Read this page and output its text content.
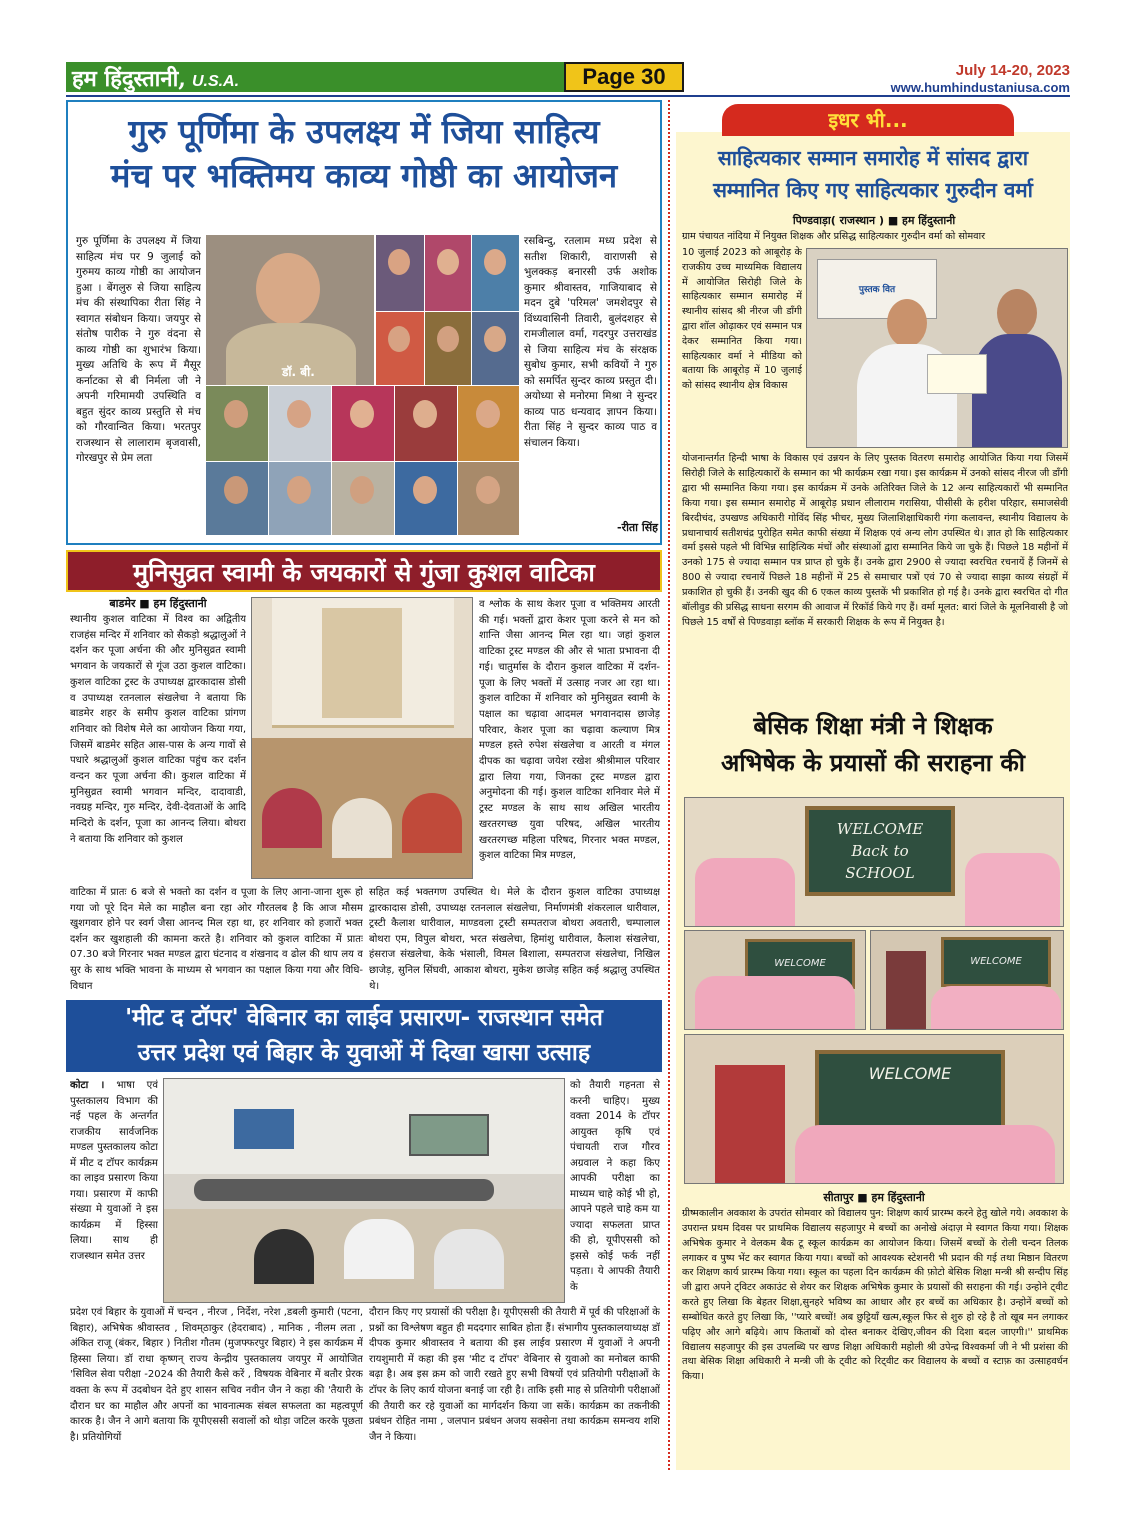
हम हिंदुस्तानी, U.S.A.	Page 30	July 14-20, 2023
www.humhindustaniusa.com
गुरु पूर्णिमा के उपलक्ष्य में जिया साहित्य
मंच पर भक्तिमय काव्य गोष्ठी का आयोजन
गुरु पूर्णिमा के उपलक्ष्य में जिया साहित्य मंच पर 9 जुलाई को गुरुमय काव्य गोष्ठी का आयोजन हुआ । बेंगलुरु से जिया साहित्य मंच की संस्थापिका रीता सिंह ने स्वागत संबोधन किया। जयपुर से संतोष पारीक ने गुरु वंदना से काव्य गोष्ठी का शुभारंभ किया। मुख्य अतिथि के रूप में मैसूर कर्नाटका से बी निर्मला जी ने अपनी गरिमामयी उपस्थिति व बहुत सुंदर काव्य प्रस्तुति से मंच को गौरवान्वित किया। भरतपुर राजस्थान से लालाराम बृजवासी, गोरखपुर से प्रेम लता
डॉ. बी.
रसबिन्दु, रतलाम मध्य प्रदेश से सतीश शिकारी, वाराणसी से भुलक्कड़ बनारसी उर्फ अशोक कुमार श्रीवास्तव, गाजियाबाद से मदन दुबे 'परिमल' जमशेदपुर से विंध्यवासिनी तिवारी, बुलंदशहर से रामजीलाल वर्मा, गदरपुर उत्तराखंड से जिया साहित्य मंच के संरक्षक सुबोध कुमार, सभी कवियों ने गुरु को समर्पित सुन्दर काव्य प्रस्तुत दी। अयोध्या से मनोरमा मिश्रा ने सुन्दर काव्य पाठ धन्यवाद ज्ञापन किया। रीता सिंह ने सुन्दर काव्य पाठ व संचालन किया।
-रीता सिंह
मुनिसुव्रत स्वामी के जयकारों से गुंजा कुशल वाटिका
बाडमेर ■ हम हिंदुस्तानी
स्थानीय कुशल वाटिका में विश्व का अद्वितीय राजहंस मन्दिर में शनिवार को सैकड़ो श्रद्धालुओं ने दर्शन कर पूजा अर्चना की और मुनिसुव्रत स्वामी भगवान के जयकारों से गूंज उठा कुशल वाटिका। कुशल वाटिका ट्रस्ट के उपाध्यक्ष द्वारकादास डोसी व उपाध्यक्ष रतनलाल संखलेचा ने बताया कि बाडमेर शहर के समीप कुशल वाटिका प्रांगण शनिवार को विशेष मेले का आयोजन किया गया, जिसमें बाडमेर सहित आस-पास के अन्य गावों से पधारे श्रद्धालुओं कुशल वाटिका पहुंच कर दर्शन वन्दन कर पूजा अर्चना की। कुशल वाटिका में मुनिसुव्रत स्वामी भगवान मन्दिर, दादावाडी, नवग्रह मन्दिर, गुरु मन्दिर, देवी-देवताओं के आदि मन्दिरो के दर्शन, पूजा का आनन्द लिया। बोथरा ने बताया कि शनिवार को कुशल
व श्लोक के साथ केशर पूजा व भक्तिमय आरती की गई। भक्तों द्वारा केशर पूजा करने से मन को शान्ति जैसा आनन्द मिल रहा था। जहां कुशल वाटिका ट्रस्ट मण्डल की और से भाता प्रभावना दी गई। चातुर्मास के दौरान कुशल वाटिका में दर्शन-पूजा के लिए भक्तों में उत्साह नजर आ रहा था। कुशल वाटिका में शनिवार को मुनिसुव्रत स्वामी के पक्षाल का चढ़ावा आदमल भगवानदास छाजेड़ परिवार, केशर पूजा का चढ़ावा कल्याण मित्र मण्डल हस्ते रुपेश संखलेचा व आरती व मंगल दीपक का चढ़ावा जयेश रखेश श्रीश्रीमाल परिवार द्वारा लिया गया, जिनका ट्रस्ट मण्डल द्वारा अनुमोदना की गई। कुशल वाटिका शनिवार मेले में ट्रस्ट मण्डल के साथ साथ अखिल भारतीय खरतरगच्छ युवा परिषद, अखिल भारतीय खरतरगच्छ महिला परिषद, गिरनार भक्त मण्डल, कुशल वाटिका मित्र मण्डल,
वाटिका में प्रातः 6 बजे से भक्तो का दर्शन व पूजा के लिए आना-जाना शुरू हो गया जो पूरे दिन मेले का माहौल बना रहा ओर गौरतलब है कि आज मौसम खुशगवार होने पर स्वर्ग जैसा आनन्द मिल रहा था, हर शनिवार को हजारों भक्त दर्शन कर खुशहाली की कामना करते है। शनिवार को कुशल वाटिका में प्रातः 07.30 बजे गिरनार भक्त मण्डल द्वारा घंटनाद व शंखनाद व ढोल की थाप लय व सुर के साथ भक्ति भावना के माध्यम से भगवान का पक्षाल किया गया और विधि-विधान
सहित कई भक्तगण उपस्थित थे। मेले के दौरान कुशल वाटिका उपाध्यक्ष द्वारकादास डोसी, उपाध्यक्ष रतनलाल संखलेचा, निर्माणमंत्री शंकरलाल धारीवाल, ट्रस्टी कैलाश धारीवाल, माण्डवला ट्रस्टी सम्पतराज बोथरा अवतारी, चम्पालाल बोथरा एम, विपुल बोथरा, भरत संखलेचा, हिमांशु धारीवाल, कैलाश संखलेचा, हंसराज संखलेचा, केके भंसाली, विमल बिशाला, सम्पतराज संखलेचा, निखिल छाजेड़, सुनिल सिंघवी, आकाश बोथरा, मुकेश छाजेड़ सहित कई श्रद्धालु उपस्थित थे।
'मीट द टॉपर' वेबिनार का लाईव प्रसारण- राजस्थान समेत
उत्तर प्रदेश एवं बिहार के युवाओं में दिखा खासा उत्साह
कोटा । भाषा एवं पुस्तकालय विभाग की नई पहल के अन्तर्गत राजकीय सार्वजनिक मण्डल पुस्तकालय कोटा में मीट द टॉपर कार्यक्रम का लाइव प्रसारण किया गया। प्रसारण में काफी संख्या मे युवाओं ने इस कार्यक्रम में हिस्सा लिया। साथ ही राजस्थान समेत उत्तर
को तैयारी गहनता से करनी चाहिए। मुख्य वक्ता 2014 के टॉपर आयुक्त कृषि एवं पंचायती राज गौरव अग्रवाल ने कहा किए आपकी परीक्षा का माध्यम चाहे कोई भी हो, आपने पहले चाहे कम या ज्यादा सफलता प्राप्त की हो, यूपीएससी को इससे कोई फर्क नहीं पड़ता। ये आपकी तैयारी के
प्रदेश एवं बिहार के युवाओं में चन्दन , नीरज , निर्देश, नरेश ,डबली कुमारी (पटना, बिहार), अभिषेक श्रीवास्तव , शिवम्‌ठाकुर (हेदराबाद) , मानिक , नीलम लता , अंकित राजू (बंकर, बिहार ) नितीश गौतम (मुजफ्फरपुर बिहार) ने इस कार्यक्रम में हिस्सा लिया। डॉ राधा कृष्णन् राज्य केन्द्रीय पुस्तकालय जयपुर में आयोजित 'सिविल सेवा परीक्षा -2024 की तैयारी कैसे करें , विषयक वेबिनार में बतौर प्रेरक वक्ता के रूप में उदबोधन देते हुए शासन सचिव नवीन जैन ने कहा की 'तैयारी के दौरान घर का माहौल और अपनों का भावनात्मक संबल सफलता का महत्वपूर्ण कारक है। जैन ने आगे बताया कि यूपीएससी सवालों को थोड़ा जटिल करके पूछता है। प्रतियोगियों
दौरान किए गए प्रयासों की परीक्षा है। यूपीएससी की तैयारी में पूर्व की परिक्षाओं के प्रश्नों का विश्लेषण बहुत ही मददगार साबित होता हैं। संभागीय पुस्तकालयाध्यक्ष डॉ दीपक कुमार श्रीवास्तव ने बताया की इस लाईव प्रसारण में युवाओं ने अपनी रायशुमारी में कहा की इस 'मीट द टॉपर' वेबिनार से युवाओ का मनोबल काफी बढ़ा है। अब इस क्रम को जारी रखते हुए सभी विषयों एवं प्रतियोगी परीक्षाओं के टॉपर के लिए कार्य योजना बनाई जा रही है। ताकि इसी माह से प्रतियोगी परीक्षाओं की तैयारी कर रहे युवाओं का मार्गदर्शन किया जा सकें। कार्यक्रम का तकनीकी प्रबंधन रोहित नामा , जलपान प्रबंधन अजय सक्सेना तथा कार्यक्रम समन्वय शशि जैन ने किया।
इधर भी...
साहित्यकार सम्मान समारोह में सांसद द्वारा
सम्मानित किए गए साहित्यकार गुरुदीन वर्मा
पिण्डवाड़ा( राजस्थान ) ■ हम हिंदुस्तानी
ग्राम पंचायत नांदिया में नियुक्त शिक्षक और प्रसिद्ध साहित्यकार गुरुदीन वर्मा को सोमवार
10 जुलाई 2023 को आबूरोड़ के राजकीय उच्च माध्यमिक विद्यालय में आयोजित सिरोही जिले के साहित्यकार सम्मान समारोह में स्थानीय सांसद श्री नीरज जी डाँगी द्वारा शॉल ओढ़ाकर एवं सम्मान पत्र देकर सम्मानित किया गया। साहित्यकार वर्मा ने मीडिया को बताया कि आबूरोड़ में 10 जुलाई को सांसद स्थानीय क्षेत्र विकास
पुस्तक वित
योजनान्तर्गत हिन्दी भाषा के विकास एवं उन्नयन के लिए पुस्तक वितरण समारोह आयोजित किया गया जिसमें सिरोही जिले के साहित्यकारों के सम्मान का भी कार्यक्रम रखा गया। इस कार्यक्रम में उनको सांसद नीरज जी डाँगी द्वारा भी सम्मानित किया गया। इस कार्यक्रम में उनके अतिरिक्त जिले के 12 अन्य साहित्यकारों भी सम्मानित किया गया। इस सम्मान समारोह में आबूरोड़ प्रधान लीलाराम गरासिया, पीसीसी के हरीश परिहार, समाजसेवी बिरदीचंद, उपखण्ड अधिकारी गोविंद सिंह भीचर, मुख्य जिलाशिक्षाधिकारी गंगा कलावन्त, स्थानीय विद्यालय के प्रधानाचार्य सतीशचंद्र पुरोहित समेत काफी संख्या में शिक्षक एवं अन्य लोग उपस्थित थे। ज्ञात हो कि साहित्यकार वर्मा इससे पहले भी विभिन्न साहित्यिक मंचों और संस्थाओं द्वारा सम्मानित किये जा चुके हैं। पिछले 18 महीनों में उनको 175 से ज्यादा सम्मान पत्र प्राप्त हो चुके हैं। उनके द्वारा 2900 से ज्यादा स्वरचित रचनायें हैं जिनमें से 800 से ज्यादा रचनायें पिछले 18 महीनों में 25 से समाचार पत्रों एवं 70 से ज्यादा साझा काव्य संग्रहों में प्रकाशित हो चुकी हैं। उनकी खुद की 6 एकल काव्य पुस्तकें भी प्रकाशित हो गई है। उनके द्वारा स्वरचित दो गीत बॉलीवुड की प्रसिद्ध साधना सरगम की आवाज में रिकॉर्ड किये गए हैं। वर्मा मूलत: बारां जिले के मूलनिवासी है जो पिछले 15 वर्षों से पिण्डवाड़ा ब्लॉक में सरकारी शिक्षक के रूप में नियुक्त है।
बेसिक शिक्षा मंत्री ने शिक्षक
अभिषेक के प्रयासों की सराहना की
WELCOME
Back to
SCHOOL
WELCOME	WELCOME
WELCOME
सीतापुर ■ हम हिंदुस्तानी
ग्रीष्मकालीन अवकाश के उपरांत सोमवार को विद्यालय पुन: शिक्षण कार्य प्रारम्भ करने हेतु खोले गये। अवकाश के उपरान्त प्रथम दिवस पर प्राथमिक विद्यालय सहजापुर मे बच्चों का अनोखे अंदाज़ मे स्वागत किया गया। शिक्षक अभिषेक कुमार ने वेलकम बैक टू स्कूल कार्यक्रम का आयोजन किया। जिसमें बच्चों के रोली चन्दन तिलक लगाकर व पुष्प भेंट कर स्वागत किया गया। बच्चों को आवश्यक स्टेशनरी भी प्रदान की गई तथा मिष्ठान वितरण कर शिक्षण कार्य प्रारम्भ किया गया। स्कूल का पहला दिन कार्यक्रम की फ़ोटो बेसिक शिक्षा मन्त्री श्री सन्दीप सिंह जी द्वारा अपने ट्विटर अकाउंट से शेयर कर शिक्षक अभिषेक कुमार के प्रयासों की सराहना की गई। उन्होने ट्वीट करते हुए लिखा कि बेहतर शिक्षा,सुनहरे भविष्य का आधार और हर बच्चें का अधिकार है। उन्होनें बच्चों को सम्बोधित करते हुए लिखा कि, ''प्यारे बच्चों! अब छुट्टियाँ खत्म,स्कूल फिर से शुरु हो रहे है तो खूब मन लगाकर पढ़िए और आगे बढ़िये। आप किताबों को दोस्त बनाकर देखिए,जीवन की दिशा बदल जाएगी।'' प्राथमिक विद्यालय सहजापुर की इस उपलब्धि पर खण्ड शिक्षा अधिकारी महोली श्री उपेन्द्र विश्वकर्मा जी ने भी प्रशंसा की तथा बेसिक शिक्षा अधिकारी ने मन्त्री जी के ट्वीट को रिट्वीट कर विद्यालय के बच्चों व स्टाफ़ का उत्साहवर्धन किया।
